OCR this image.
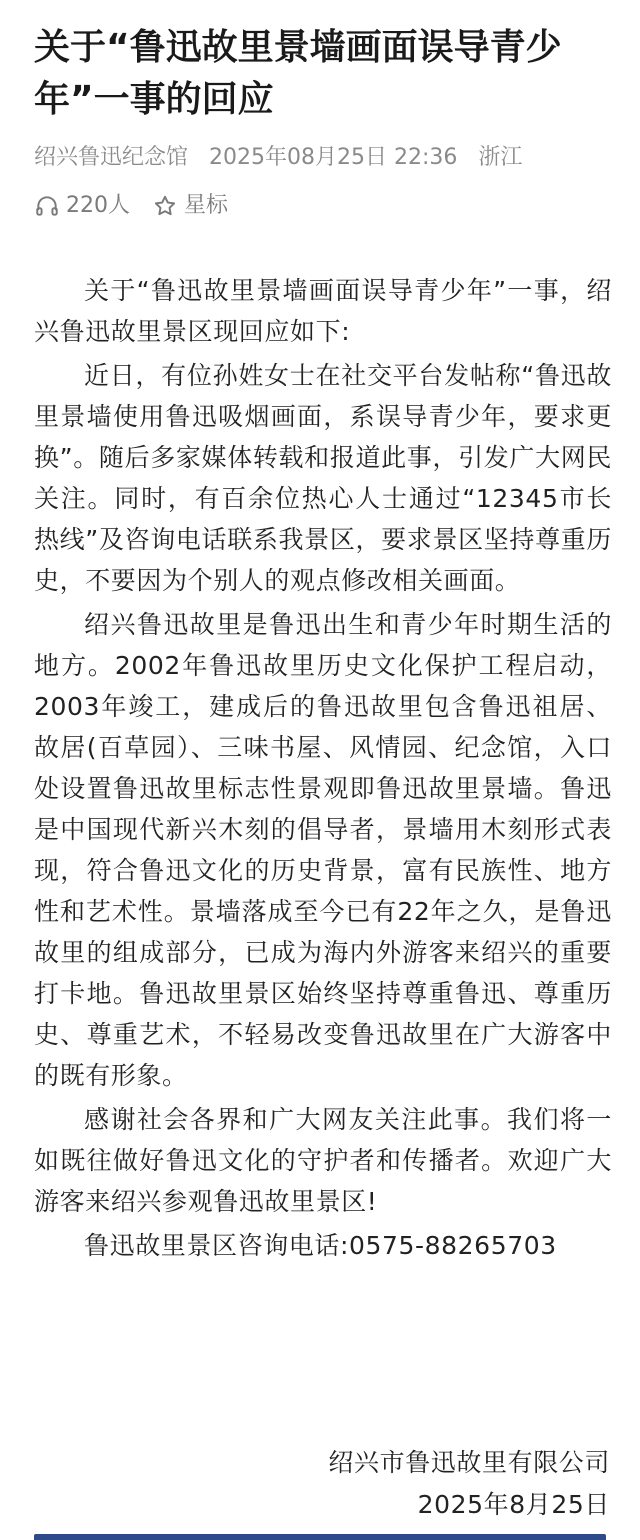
关于“鲁迅故里景墙画面误导青少年”一事的回应
绍兴鲁迅纪念馆 2025年08月25日 22:36 浙江
220人 星标

关于“鲁迅故里景墙画面误导青少年”一事，绍兴鲁迅故里景区现回应如下:

近日，有位孙姓女士在社交平台发帖称“鲁迅故里景墙使用鲁迅吸烟画面，系误导青少年，要求更换”。随后多家媒体转载和报道此事，引发广大网民关注。同时，有百余位热心人士通过“12345市长热线”及咨询电话联系我景区，要求景区坚持尊重历史，不要因为个别人的观点修改相关画面。

绍兴鲁迅故里是鲁迅出生和青少年时期生活的地方。2002年鲁迅故里历史文化保护工程启动，2003年竣工，建成后的鲁迅故里包含鲁迅祖居、故居(百草园）、三味书屋、风情园、纪念馆，入口处设置鲁迅故里标志性景观即鲁迅故里景墙。鲁迅是中国现代新兴木刻的倡导者，景墙用木刻形式表现，符合鲁迅文化的历史背景，富有民族性、地方性和艺术性。景墙落成至今已有22年之久，是鲁迅故里的组成部分，已成为海内外游客来绍兴的重要打卡地。鲁迅故里景区始终坚持尊重鲁迅、尊重历史、尊重艺术，不轻易改变鲁迅故里在广大游客中的既有形象。

感谢社会各界和广大网友关注此事。我们将一如既往做好鲁迅文化的守护者和传播者。欢迎广大游客来绍兴参观鲁迅故里景区!

鲁迅故里景区咨询电话:0575-88265703

绍兴市鲁迅故里有限公司
2025年8月25日
